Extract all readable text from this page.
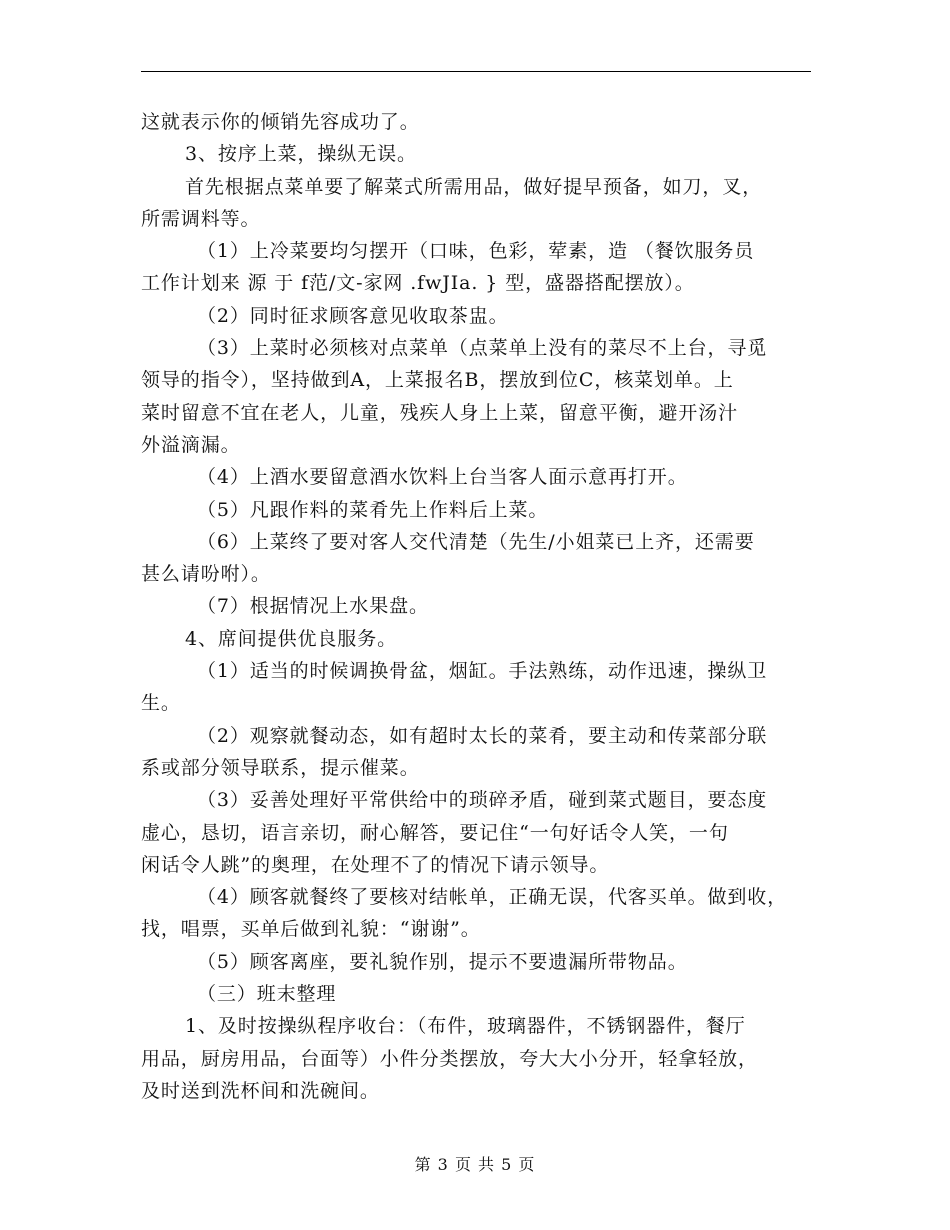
这就表示你的倾销先容成功了。
3、按序上菜，操纵无误。
首先根据点菜单要了解菜式所需用品，做好提早预备，如刀，叉，
所需调料等。
（1）上冷菜要均匀摆开（口味，色彩，荤素，造 （餐饮服务员
工作计划来 源 于 f范/文-家网 .fwJIa. } 型，盛器搭配摆放）。
（2）同时征求顾客意见收取茶盅。
（3）上菜时必须核对点菜单（点菜单上没有的菜尽不上台，寻觅
领导的指令），坚持做到A，上菜报名B，摆放到位C，核菜划单。上
菜时留意不宜在老人，儿童，残疾人身上上菜，留意平衡，避开汤汁
外溢滴漏。
（4）上酒水要留意酒水饮料上台当客人面示意再打开。
（5）凡跟作料的菜肴先上作料后上菜。
（6）上菜终了要对客人交代清楚（先生/小姐菜已上齐，还需要
甚么请吩咐）。
（7）根据情况上水果盘。
4、席间提供优良服务。
（1）适当的时候调换骨盆，烟缸。手法熟练，动作迅速，操纵卫
生。
（2）观察就餐动态，如有超时太长的菜肴，要主动和传菜部分联
系或部分领导联系，提示催菜。
（3）妥善处理好平常供给中的琐碎矛盾，碰到菜式题目，要态度
虚心，恳切，语言亲切，耐心解答，要记住“一句好话令人笑，一句
闲话令人跳”的奥理，在处理不了的情况下请示领导。
（4）顾客就餐终了要核对结帐单，正确无误，代客买单。做到收，
找，唱票，买单后做到礼貌：“谢谢”。
（5）顾客离座，要礼貌作别，提示不要遗漏所带物品。
（三）班末整理
1、及时按操纵程序收台：（布件，玻璃器件，不锈钢器件，餐厅
用品，厨房用品，台面等）小件分类摆放，夸大大小分开，轻拿轻放，
及时送到洗杯间和洗碗间。
第 3 页 共 5 页
